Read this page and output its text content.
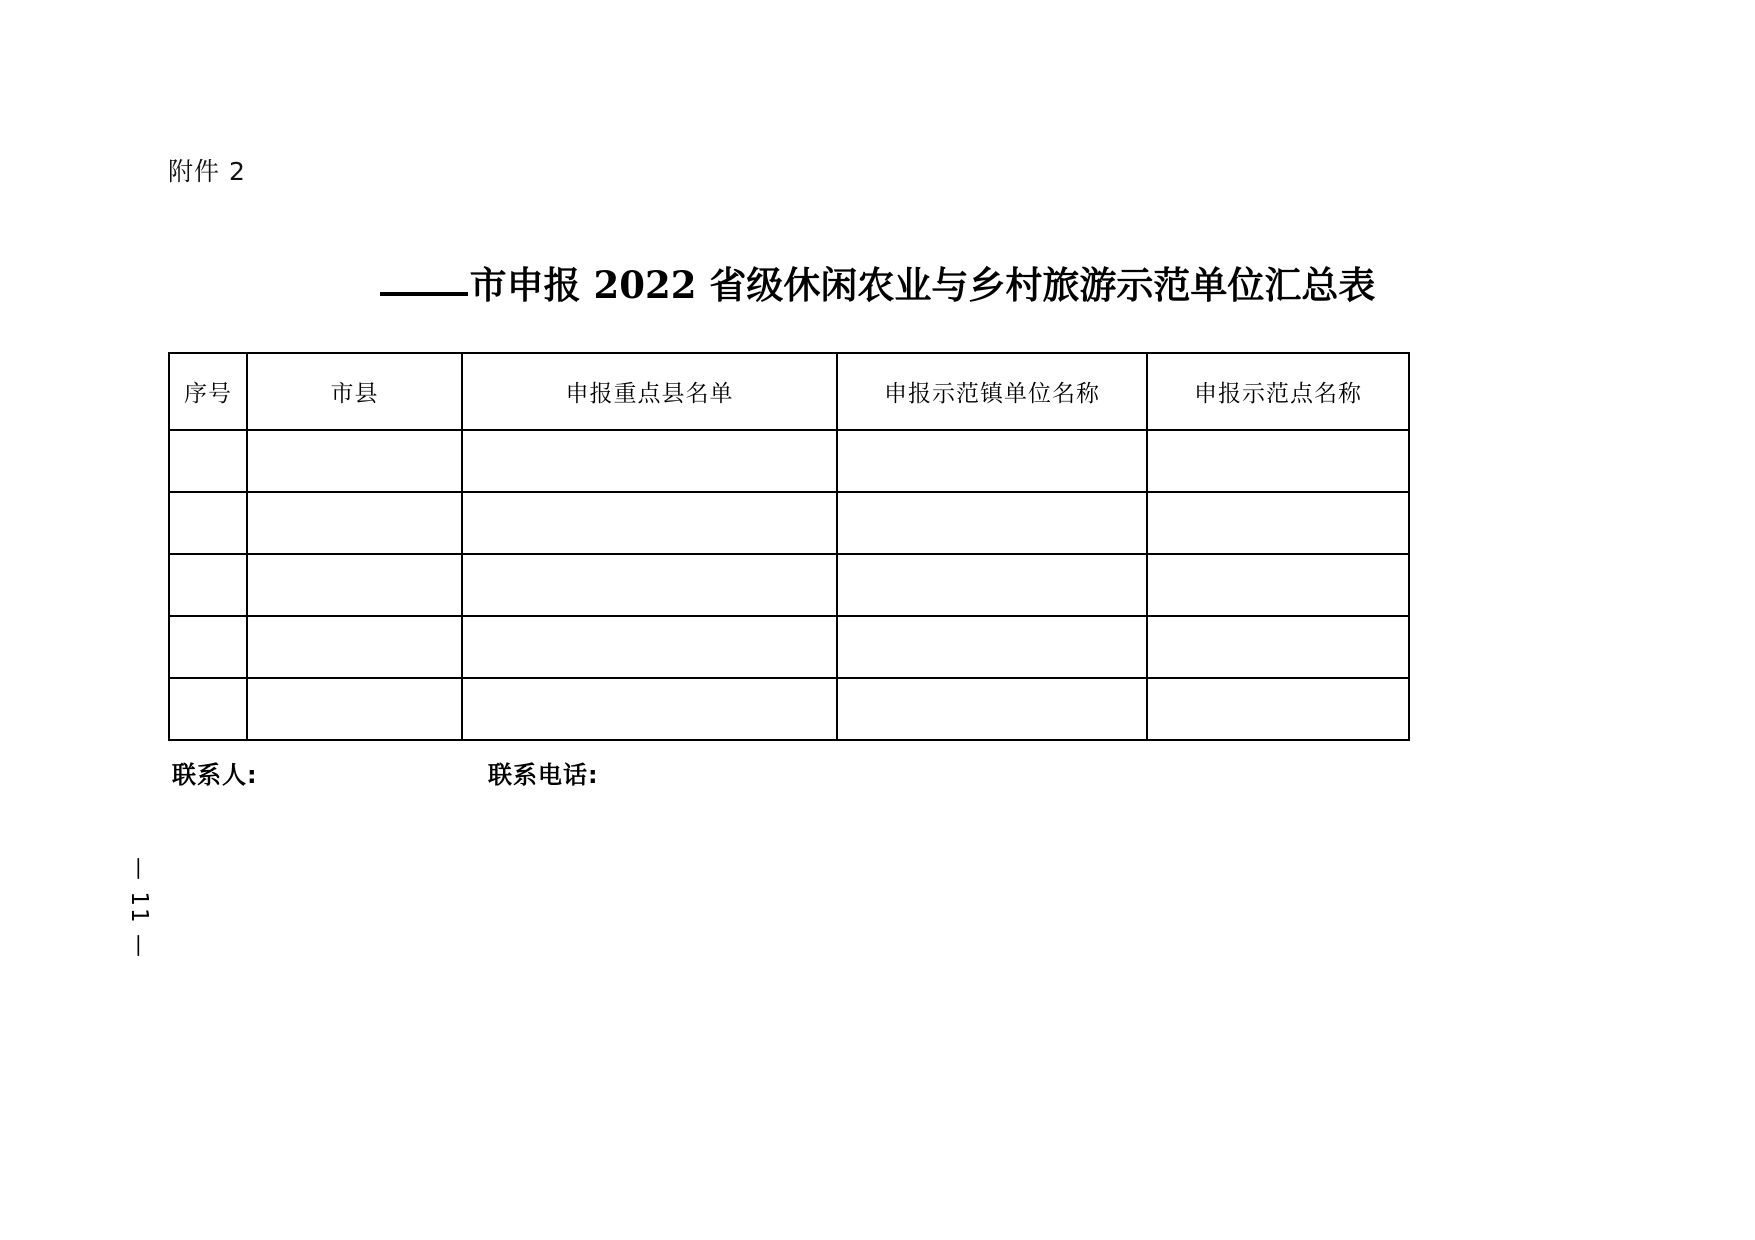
附件 2
市申报 2022 省级休闲农业与乡村旅游示范单位汇总表
序号	市县	申报重点县名单	申报示范镇单位名称	申报示范点名称

联系人:	联系电话:
— 11 —
